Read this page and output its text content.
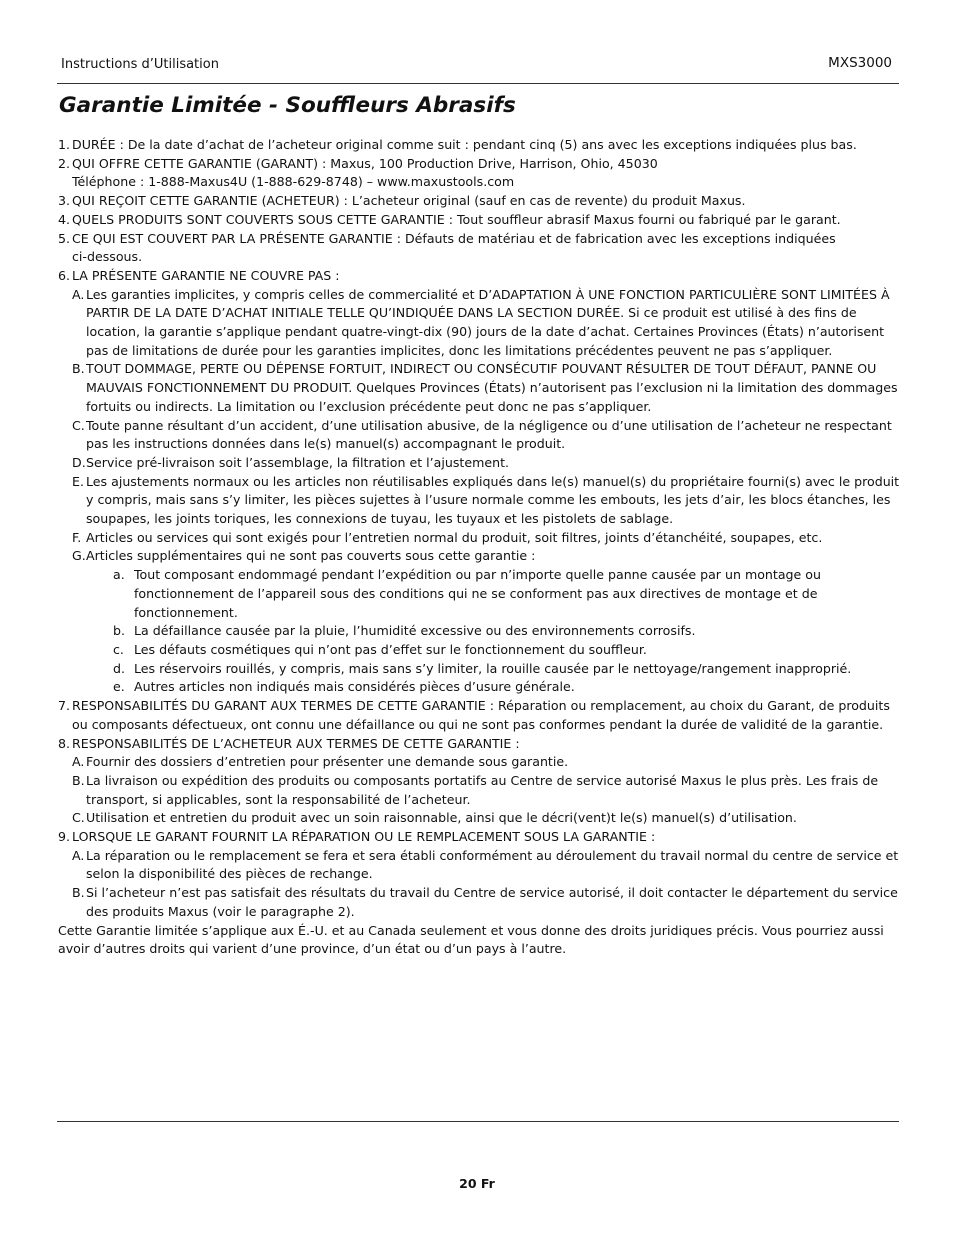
Instructions d’Utilisation	MXS3000
Garantie Limitée - Souffleurs Abrasifs
1. DURÉE : De la date d’achat de l’acheteur original comme suit : pendant cinq (5) ans avec les exceptions indiquées plus bas.
2. QUI OFFRE CETTE GARANTIE (GARANT) : Maxus, 100 Production Drive, Harrison, Ohio, 45030
Téléphone : 1-888-Maxus4U (1-888-629-8748) – www.maxustools.com
3. QUI REÇOIT CETTE GARANTIE (ACHETEUR) : L’acheteur original (sauf en cas de revente) du produit Maxus.
4. QUELS PRODUITS SONT COUVERTS SOUS CETTE GARANTIE : Tout souffleur abrasif Maxus fourni ou fabriqué par le garant.
5. CE QUI EST COUVERT PAR LA PRÉSENTE GARANTIE : Défauts de matériau et de fabrication avec les exceptions indiquées
ci-dessous.
6. LA PRÉSENTE GARANTIE NE COUVRE PAS :
A. Les garanties implicites, y compris celles de commercialité et D’ADAPTATION À UNE FONCTION PARTICULIÈRE SONT LIMITÉES À PARTIR DE LA DATE D’ACHAT INITIALE TELLE QU’INDIQUÉE DANS LA SECTION DURÉE. Si ce produit est utilisé à des fins de location, la garantie s’applique pendant quatre-vingt-dix (90) jours de la date d’achat. Certaines Provinces (États) n’autorisent pas de limitations de durée pour les garanties implicites, donc les limitations précédentes peuvent ne pas s’appliquer.
B. TOUT DOMMAGE, PERTE OU DÉPENSE FORTUIT, INDIRECT OU CONSÉCUTIF POUVANT RÉSULTER DE TOUT DÉFAUT, PANNE OU MAUVAIS FONCTIONNEMENT DU PRODUIT. Quelques Provinces (États) n’autorisent pas l’exclusion ni la limitation des dommages fortuits ou indirects. La limitation ou l’exclusion précédente peut donc ne pas s’appliquer.
C. Toute panne résultant d’un accident, d’une utilisation abusive, de la négligence ou d’une utilisation de l’acheteur ne respectant pas les instructions données dans le(s) manuel(s) accompagnant le produit.
D. Service pré-livraison soit l’assemblage, la filtration et l’ajustement.
E. Les ajustements normaux ou les articles non réutilisables expliqués dans le(s) manuel(s) du propriétaire fourni(s) avec le produit y compris, mais sans s’y limiter, les pièces sujettes à l’usure normale comme les embouts, les jets d’air, les blocs étanches, les soupapes, les joints toriques, les connexions de tuyau, les tuyaux et les pistolets de sablage.
F. Articles ou services qui sont exigés pour l’entretien normal du produit, soit filtres, joints d’étanchéité, soupapes, etc.
G. Articles supplémentaires qui ne sont pas couverts sous cette garantie :
a. Tout composant endommagé pendant l’expédition ou par n’importe quelle panne causée par un montage ou fonctionnement de l’appareil sous des conditions qui ne se conforment pas aux directives de montage et de fonctionnement.
b. La défaillance causée par la pluie, l’humidité excessive ou des environnements corrosifs.
c. Les défauts cosmétiques qui n’ont pas d’effet sur le fonctionnement du souffleur.
d. Les réservoirs rouillés, y compris, mais sans s’y limiter, la rouille causée par le nettoyage/rangement inapproprié.
e. Autres articles non indiqués mais considérés pièces d’usure générale.
7. RESPONSABILITÉS DU GARANT AUX TERMES DE CETTE GARANTIE : Réparation ou remplacement, au choix du Garant, de produits ou composants défectueux, ont connu une défaillance ou qui ne sont pas conformes pendant la durée de validité de la garantie.
8. RESPONSABILITÉS DE L’ACHETEUR AUX TERMES DE CETTE GARANTIE :
A. Fournir des dossiers d’entretien pour présenter une demande sous garantie.
B. La livraison ou expédition des produits ou composants portatifs au Centre de service autorisé Maxus le plus près. Les frais de transport, si applicables, sont la responsabilité de l’acheteur.
C. Utilisation et entretien du produit avec un soin raisonnable, ainsi que le décri(vent)t le(s) manuel(s) d’utilisation.
9. LORSQUE LE GARANT FOURNIT LA RÉPARATION OU LE REMPLACEMENT SOUS LA GARANTIE :
A. La réparation ou le remplacement se fera et sera établi conformément au déroulement du travail normal du centre de service et selon la disponibilité des pièces de rechange.
B. Si l’acheteur n’est pas satisfait des résultats du travail du Centre de service autorisé, il doit contacter le département du service des produits Maxus (voir le paragraphe 2).
Cette Garantie limitée s’applique aux É.-U. et au Canada seulement et vous donne des droits juridiques précis. Vous pourriez aussi avoir d’autres droits qui varient d’une province, d’un état ou d’un pays à l’autre.
20 Fr
